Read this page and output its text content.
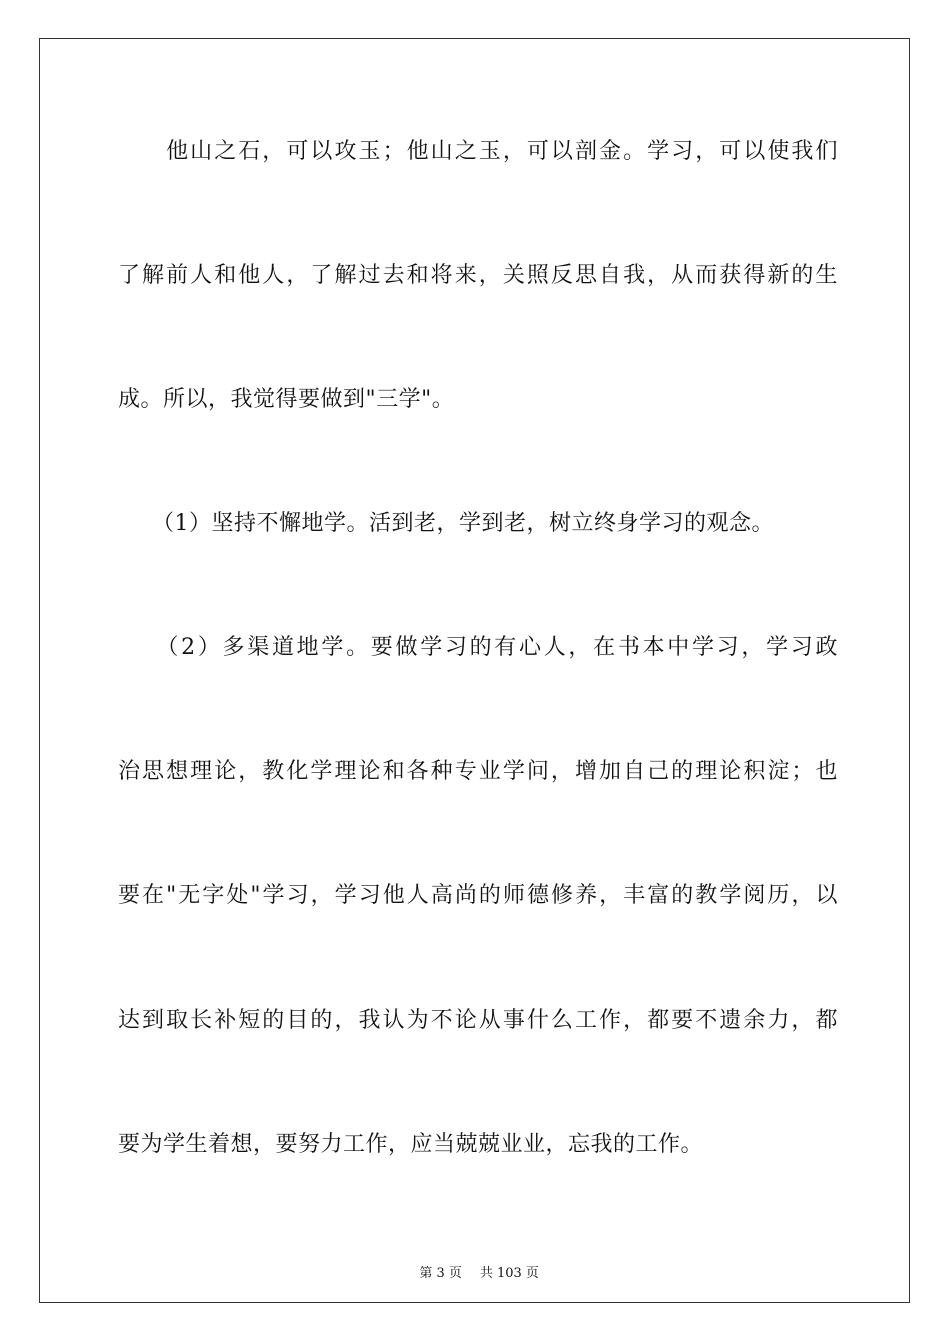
　　他山之石，可以攻玉；他山之玉，可以剖金。学习，可以使我们
了解前人和他人，了解过去和将来，关照反思自我，从而获得新的生
成。所以，我觉得要做到"三学"。
　　（1）坚持不懈地学。活到老，学到老，树立终身学习的观念。
　　（2）多渠道地学。要做学习的有心人，在书本中学习，学习政
治思想理论，教化学理论和各种专业学问，增加自己的理论积淀；也
要在"无字处"学习，学习他人高尚的师德修养，丰富的教学阅历，以
达到取长补短的目的，我认为不论从事什么工作，都要不遗余力，都
要为学生着想，要努力工作，应当兢兢业业，忘我的工作。

第 3 页 共 103 页
